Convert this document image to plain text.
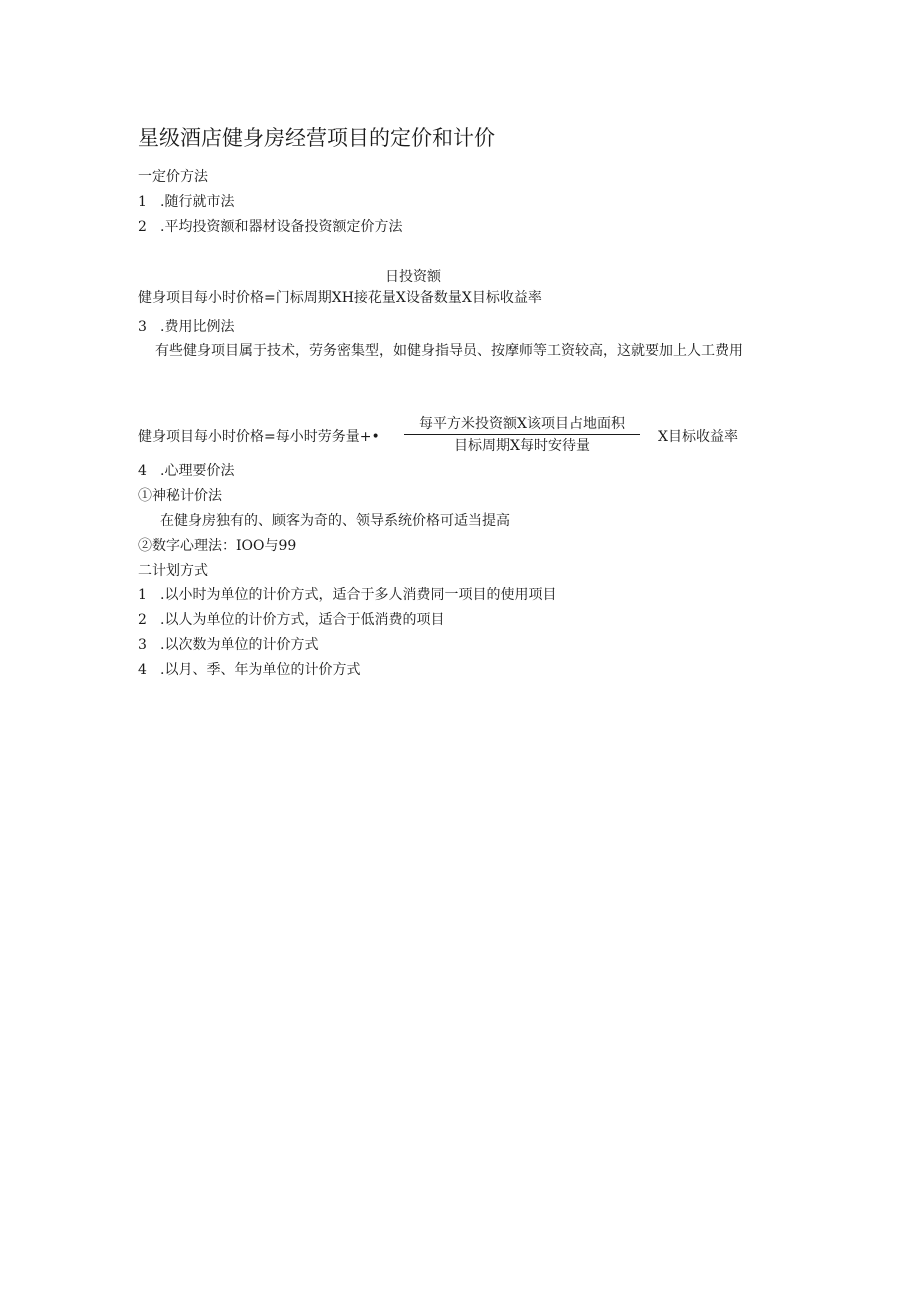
星级酒店健身房经营项目的定价和计价
一定价方法
1 .随行就市法
2 .平均投资额和器材设备投资额定价方法
日投资额
健身项目每小时价格=门标周期XH接花量X设备数量X目标收益率
3 .费用比例法
有些健身项目属于技术，劳务密集型，如健身指导员、按摩师等工资较高，这就要加上人工费用
健身项目每小时价格=每小时劳务量+•
每平方米投资额X该项目占地面积
目标周期X每时安待量
X目标收益率
4 .心理要价法
①神秘计价法
在健身房独有的、顾客为奇的、领导系统价格可适当提高
②数字心理法：IOO与99
二计划方式
1 .以小时为单位的计价方式，适合于多人消费同一项目的使用项目
2 .以人为单位的计价方式，适合于低消费的项目
3 .以次数为单位的计价方式
4 .以月、季、年为单位的计价方式
